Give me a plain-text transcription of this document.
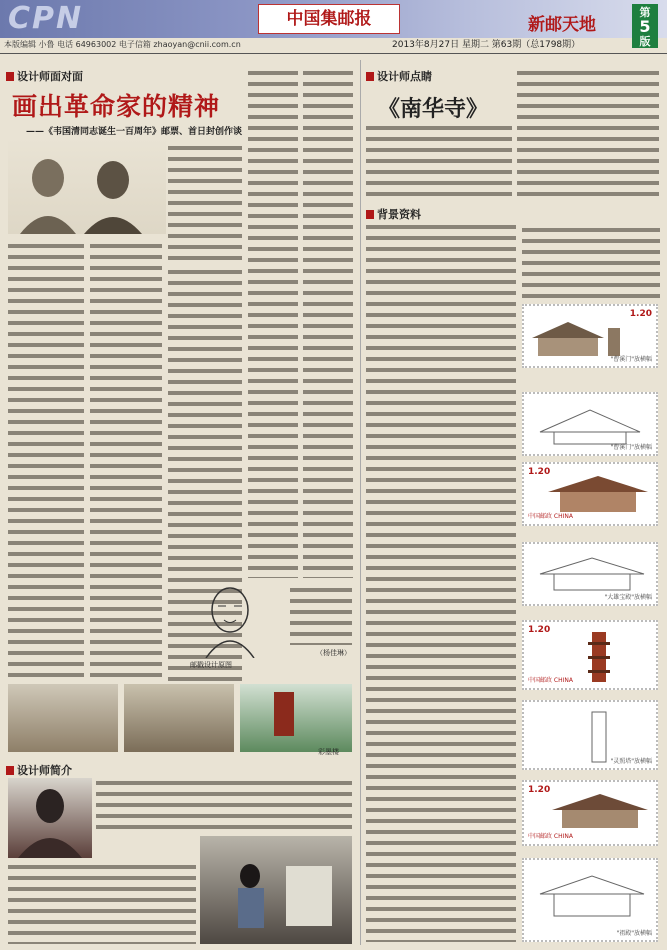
CPN	中国集邮报	新邮天地
第
5
版
本版编辑 小鲁 电话 64963002 电子信箱 zhaoyan@cnii.com.cn	2013年8月27日 星期二 第63期（总1798期）
设计师面对面
画出革命家的精神
——《韦国清同志诞生一百周年》邮票、首日封创作谈
（杨佳琳）
邮戳设计原图
彩墨楼
设计师简介
设计师点睛
《南华寺》
背景资料
1.20
"曹溪门"放横幅
"曹溪门"放横幅
1.20
中国邮政 CHINA
"大雄宝殿"放横幅
1.20
中国邮政 CHINA
"灵照塔"放横幅
1.20
中国邮政 CHINA
"祖殿"放横幅
